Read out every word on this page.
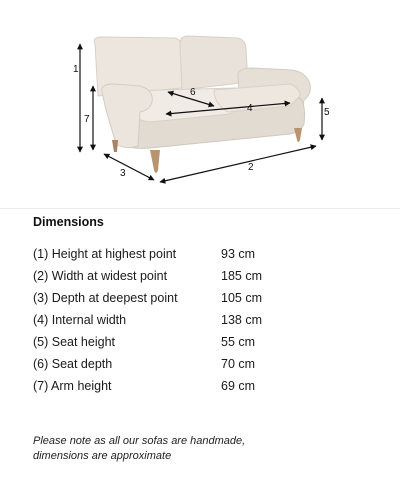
1
7
6
4	5
2
3
Dimensions
(1) Height at highest point	93 cm
(2) Width at widest point	185 cm
(3) Depth at deepest point	105 cm
(4) Internal width	138 cm
(5) Seat height	55 cm
(6) Seat depth	70 cm
(7) Arm height	69 cm
Please note as all our sofas are handmade,
dimensions are approximate
